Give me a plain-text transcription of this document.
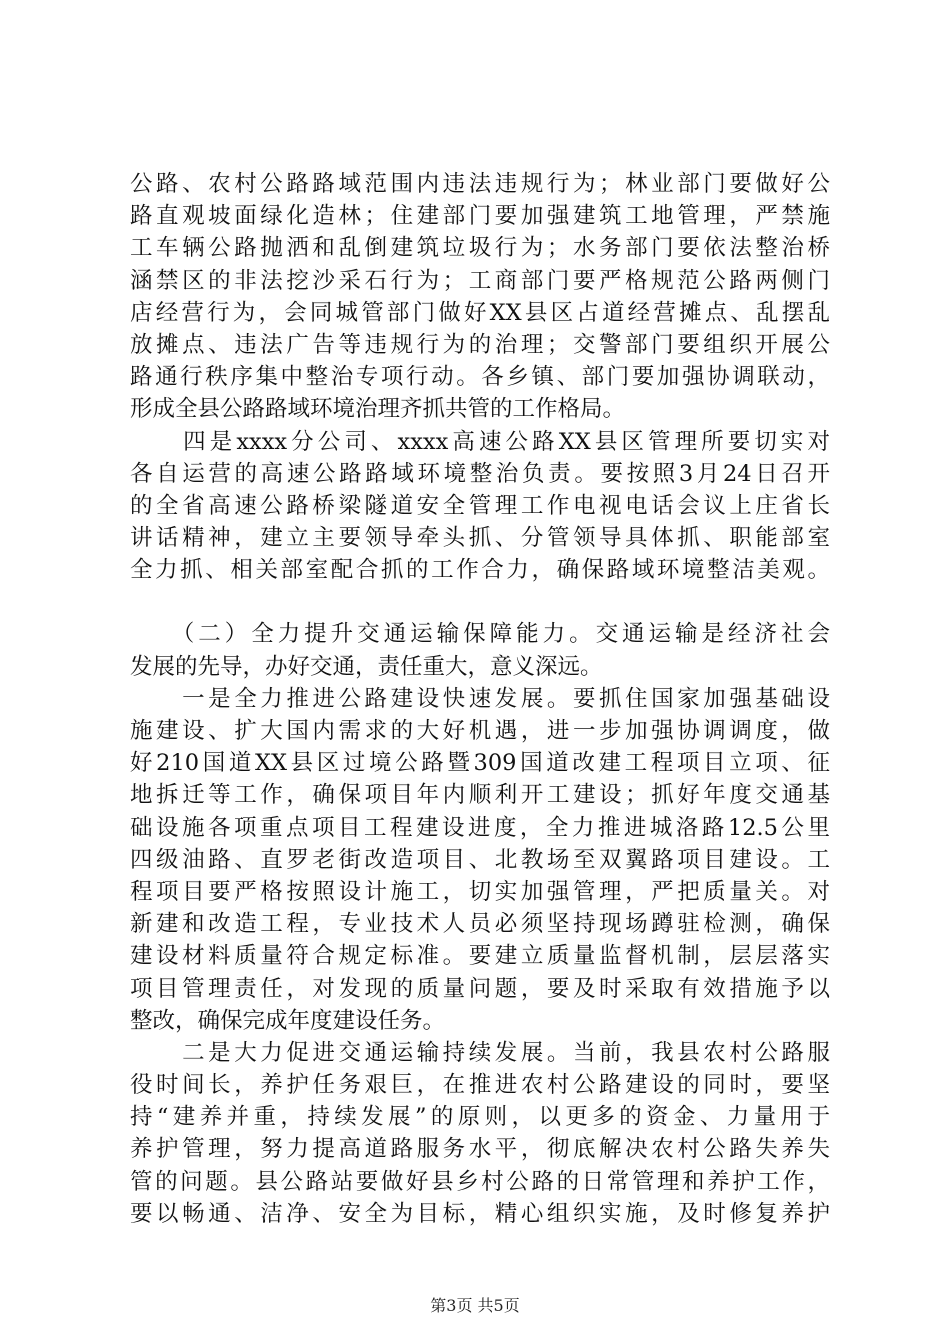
公路、农村公路路域范围内违法违规行为；林业部门要做好公
路直观坡面绿化造林；住建部门要加强建筑工地管理，严禁施
工车辆公路抛洒和乱倒建筑垃圾行为；水务部门要依法整治桥
涵禁区的非法挖沙采石行为；工商部门要严格规范公路两侧门
店经营行为，会同城管部门做好XX县区占道经营摊点、乱摆乱
放摊点、违法广告等违规行为的治理；交警部门要组织开展公
路通行秩序集中整治专项行动。各乡镇、部门要加强协调联动，
形成全县公路路域环境治理齐抓共管的工作格局。
　　四是xxxx分公司、xxxx高速公路XX县区管理所要切实对
各自运营的高速公路路域环境整治负责。要按照3月24日召开
的全省高速公路桥梁隧道安全管理工作电视电话会议上庄省长
讲话精神，建立主要领导牵头抓、分管领导具体抓、职能部室
全力抓、相关部室配合抓的工作合力，确保路域环境整洁美观。
　　（二）全力提升交通运输保障能力。交通运输是经济社会
发展的先导，办好交通，责任重大，意义深远。
　　一是全力推进公路建设快速发展。要抓住国家加强基础设
施建设、扩大国内需求的大好机遇，进一步加强协调调度，做
好210国道XX县区过境公路暨309国道改建工程项目立项、征
地拆迁等工作，确保项目年内顺利开工建设；抓好年度交通基
础设施各项重点项目工程建设进度，全力推进城洛路12.5公里
四级油路、直罗老街改造项目、北教场至双翼路项目建设。工
程项目要严格按照设计施工，切实加强管理，严把质量关。对
新建和改造工程，专业技术人员必须坚持现场蹲驻检测，确保
建设材料质量符合规定标准。要建立质量监督机制，层层落实
项目管理责任，对发现的质量问题，要及时采取有效措施予以
整改，确保完成年度建设任务。
　　二是大力促进交通运输持续发展。当前，我县农村公路服
役时间长，养护任务艰巨，在推进农村公路建设的同时，要坚
持“建养并重，持续发展”的原则，以更多的资金、力量用于
养护管理，努力提高道路服务水平，彻底解决农村公路失养失
管的问题。县公路站要做好县乡村公路的日常管理和养护工作，
要以畅通、洁净、安全为目标，精心组织实施，及时修复养护
第3页 共5页
